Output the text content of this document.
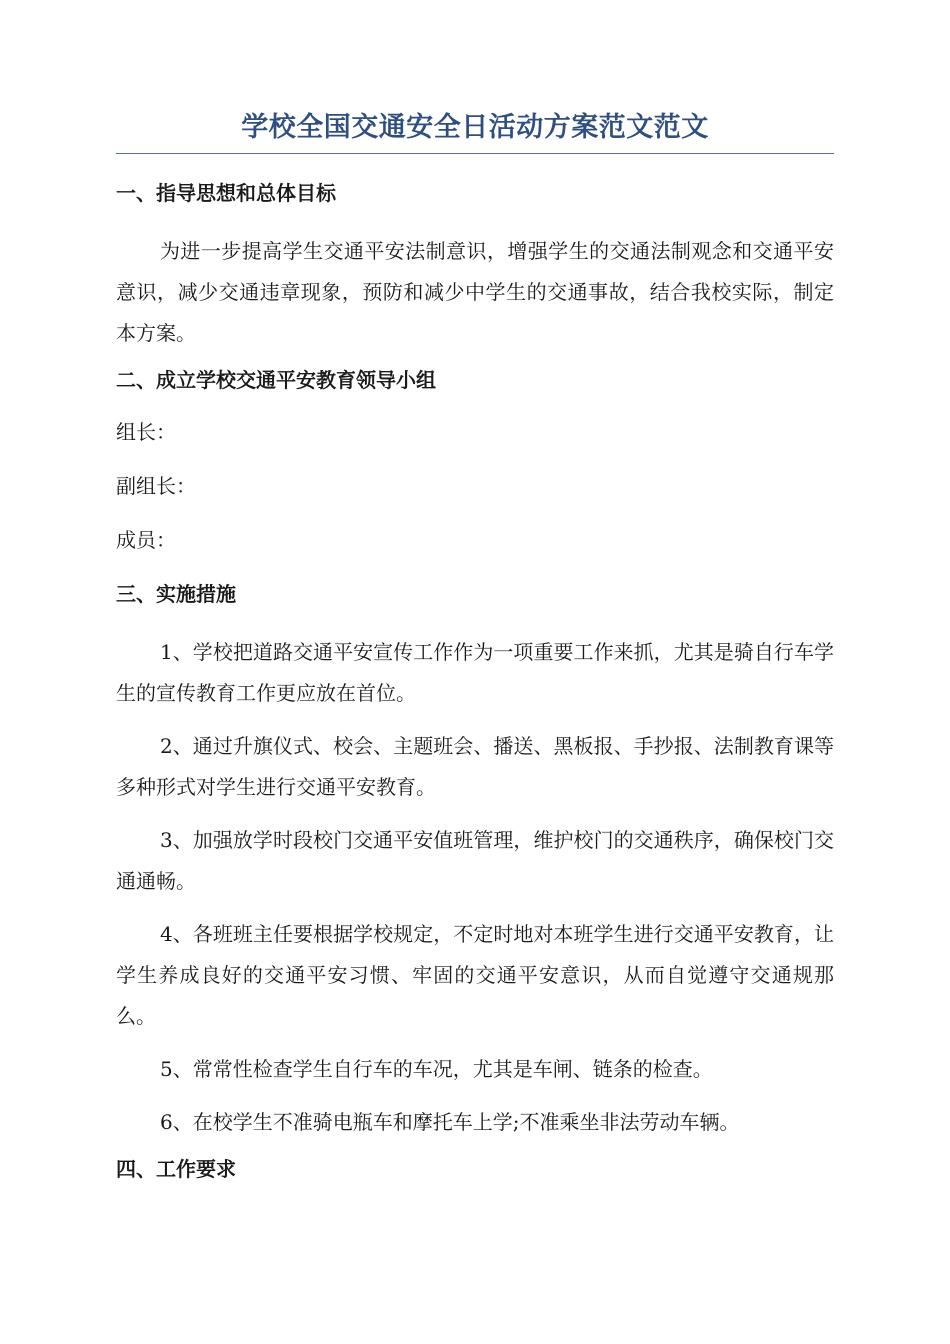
学校全国交通安全日活动方案范文范文
一、指导思想和总体目标

为进一步提高学生交通平安法制意识，增强学生的交通法制观念和交通平安意识，减少交通违章现象，预防和减少中学生的交通事故，结合我校实际，制定本方案。

二、成立学校交通平安教育领导小组
组长：
副组长：
成员：
三、实施措施

1、学校把道路交通平安宣传工作作为一项重要工作来抓，尤其是骑自行车学生的宣传教育工作更应放在首位。

2、通过升旗仪式、校会、主题班会、播送、黑板报、手抄报、法制教育课等多种形式对学生进行交通平安教育。

3、加强放学时段校门交通平安值班管理，维护校门的交通秩序，确保校门交通通畅。

4、各班班主任要根据学校规定，不定时地对本班学生进行交通平安教育，让学生养成良好的交通平安习惯、牢固的交通平安意识，从而自觉遵守交通规那么。

5、常常性检查学生自行车的车况，尤其是车闸、链条的检查。

6、在校学生不准骑电瓶车和摩托车上学;不准乘坐非法劳动车辆。

四、工作要求
